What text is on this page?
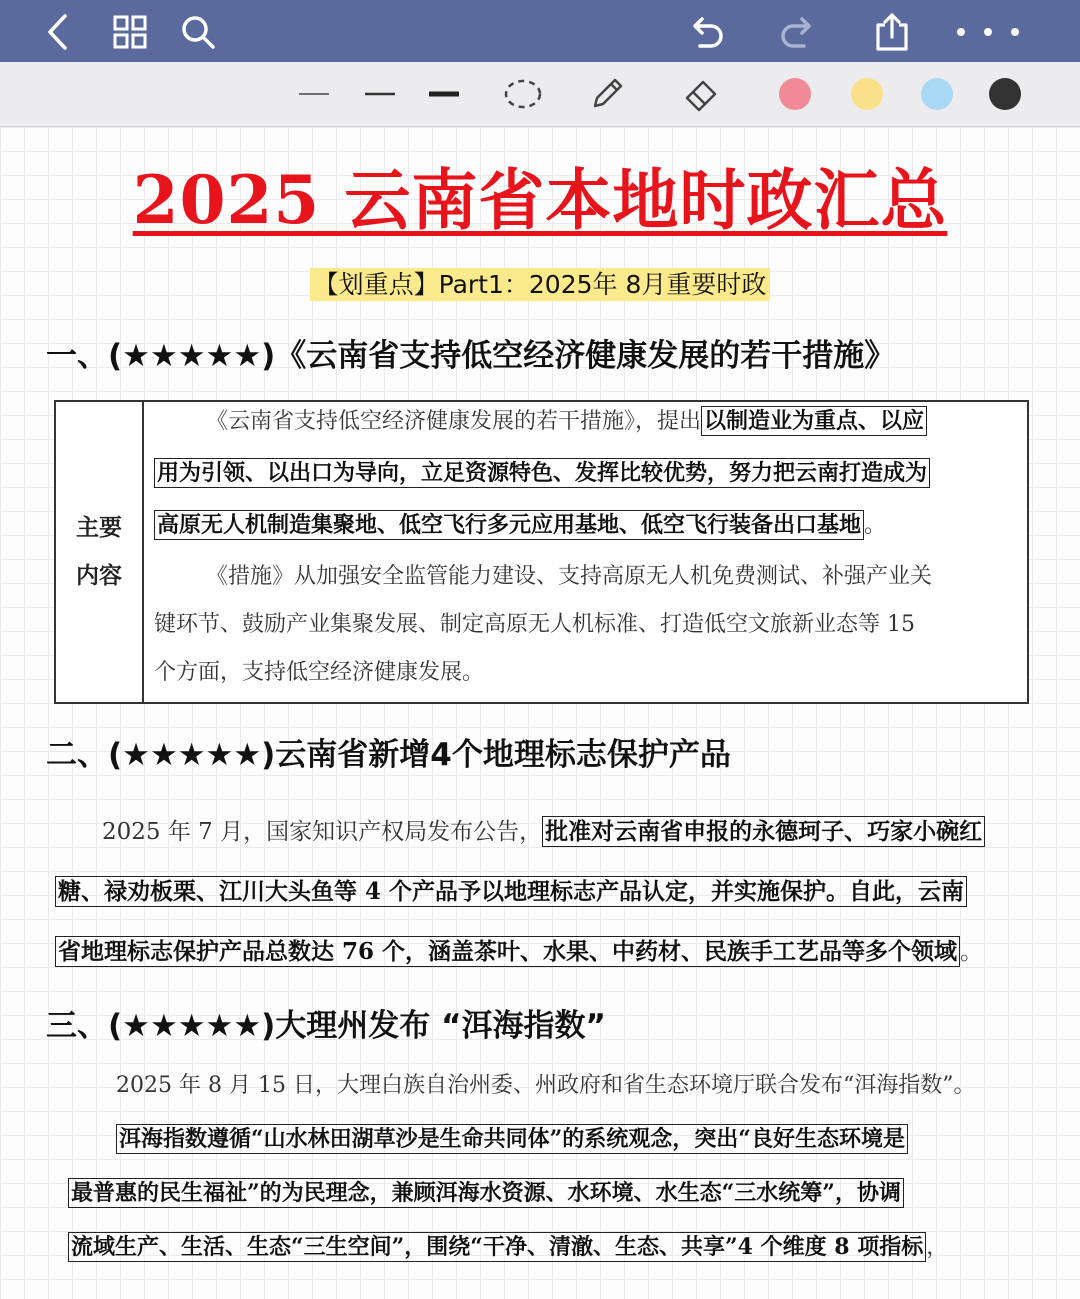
2025 云南省本地时政汇总
【划重点】Part1：2025年 8月重要时政
一、(★★★★★)《云南省支持低空经济健康发展的若干措施》
主要
内容
《云南省支持低空经济健康发展的若干措施》，提出 以制造业为重点、以应
用为引领、以出口为导向，立足资源特色、发挥比较优势，努力把云南打造成为
高原无人机制造集聚地、低空飞行多元应用基地、低空飞行装备出口基地 。
《措施》从加强安全监管能力建设、支持高原无人机免费测试、补强产业关
键环节、鼓励产业集聚发展、制定高原无人机标准、打造低空文旅新业态等 15
个方面，支持低空经济健康发展。
二、(★★★★★)云南省新增4个地理标志保护产品
2025 年 7 月，国家知识产权局发布公告， 批准对云南省申报的永德珂子、巧家小碗红
糖、禄劝板栗、江川大头鱼等 4 个产品予以地理标志产品认定，并实施保护。自此，云南
省地理标志保护产品总数达 76 个，涵盖茶叶、水果、中药材、民族手工艺品等多个领域 。
三、(★★★★★)大理州发布 “洱海指数”
2025 年 8 月 15 日，大理白族自治州委、州政府和省生态环境厅联合发布“洱海指数”。
洱海指数遵循“山水林田湖草沙是生命共同体”的系统观念，突出“良好生态环境是
最普惠的民生福祉”的为民理念，兼顾洱海水资源、水环境、水生态“三水统筹”，协调
流域生产、生活、生态“三生空间”，围绕“干净、清澈、生态、共享”4 个维度 8 项指标 ，
